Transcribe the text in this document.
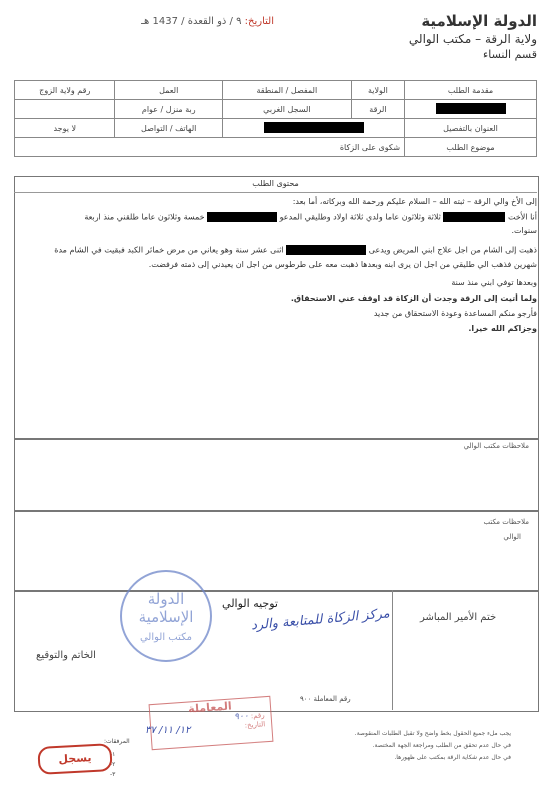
الدولة الإسلامية
ولاية الرقة – مكتب الوالي
قسم النساء
التاريخ: ٩ / ذو القعدة / 1437 هـ
مقدمة الطلب	الولاية	المفصل / المنطقة	العمل	رقم ولاية الزوج
	الرقة	السجل الغربي	ربة منزل / عوام	
العنوان بالتفصيل			الهاتف / التواصل	لا يوجد
موضوع الطلب	شكوى على الزكاة			
محتوى الطلب
إلى الأخ والي الرقة – ثبته الله – السلام عليكم ورحمة الله وبركاته، أما بعد:
أنا الأخت  ثلاثة وثلاثون عاما ولدي ثلاثة اولاد وطليقي المدعو  خمسة وثلاثون عاما طلقني منذ اربعة
سنوات.
ذهبت إلى الشام من اجل علاج ابني المريض ويدعى  اثنى عشر سنة وهو يعاني من مرض خمائر الكبد فبقيت في الشام مدة
شهرين فذهب الي طليقي من اجل ان يرى ابنه وبعدها ذهبت معه على طرطوس من اجل ان يعيدني إلى ذمته فرفضت.
وبعدها توفي ابني منذ سنة
ولما أتيت إلى الرقة وجدت أن الزكاة قد اوقف عني الاستحقاق.
فأرجو منكم المساعدة وعودة الاستحقاق من جديد
وجزاكم الله خيرا.
ملاحظات مكتب الوالي
ملاحظات مكتب
الوالي
توجيه الوالي
مركز الزكاة للمتابعة والرد
الخاتم والتوقيع
ختم الأمير المباشر
رقم المعاملة ٩٠٠
الدولة الإسلامية
مكتب الوالي
المعاملة
رقم: ٩٠٠
التاريخ:
١٢/ ١١/ ٣٧
المرفقات:
-١
-٢
-٣
يسجل
يجب ملء جميع الحقول بخط واضح ولا تقبل الطلبات المنقوصة.
في حال عدم تحقق من الطلب ومراجعة الجهة المختصة.
في حال عدم شكاية الرقة بمكتب على ظهورها.
